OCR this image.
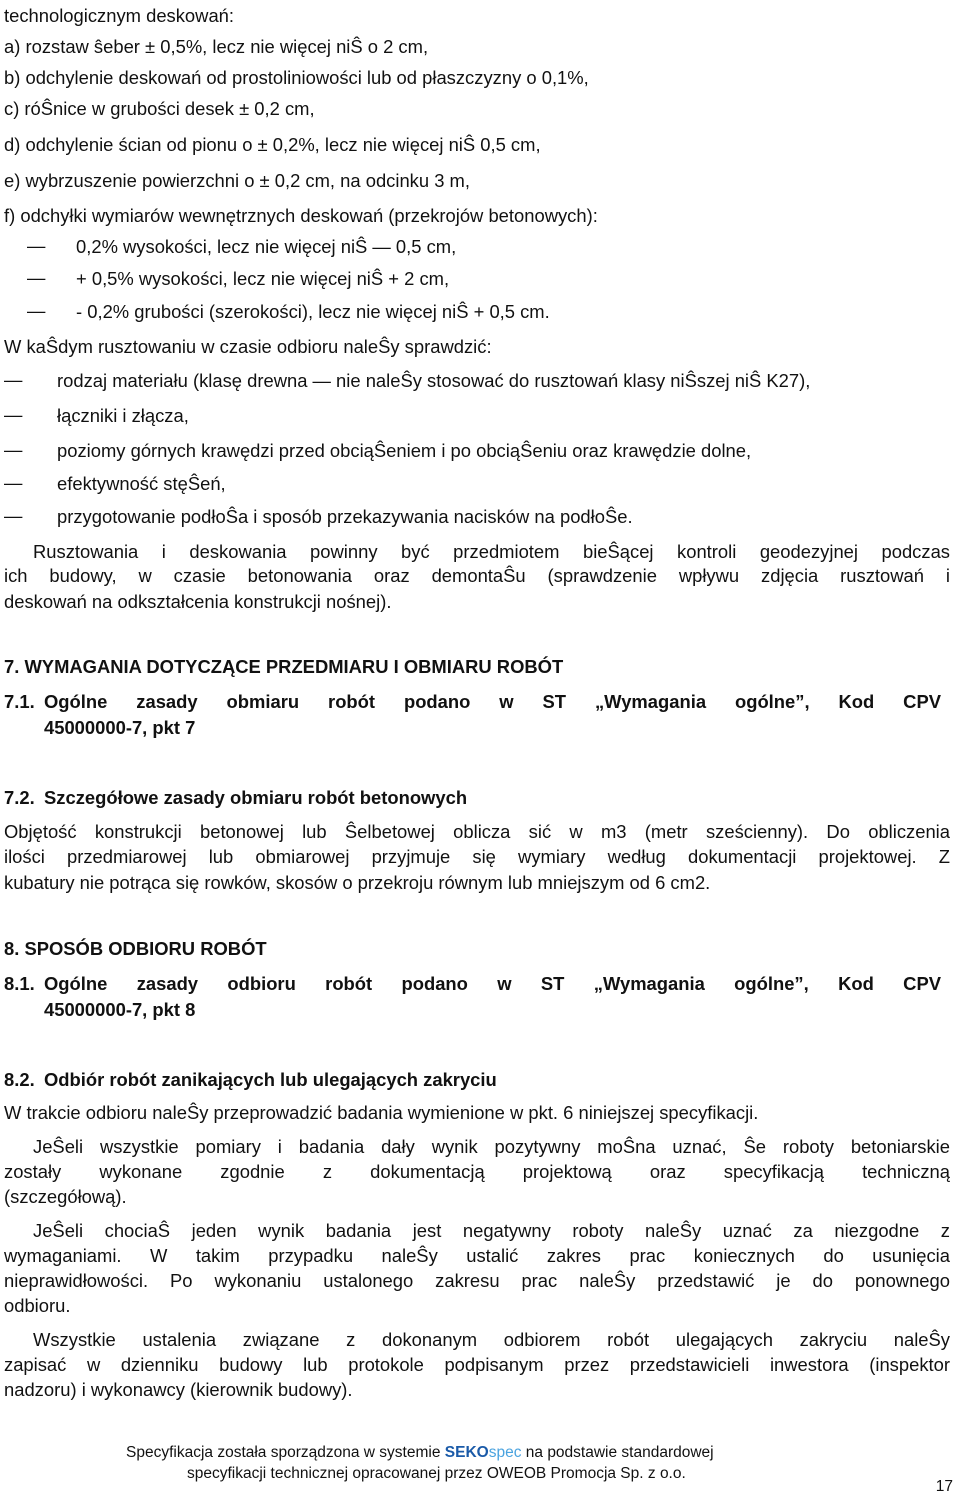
technologicznym deskowań:
a) rozstaw ŝeber ± 0,5%, lecz nie więcej niŜ o 2 cm,
b) odchylenie deskowań od prostoliniowości lub od płaszczyzny o 0,1%,
c) róŜnice w grubości desek ± 0,2 cm,
d) odchylenie ścian od pionu o ± 0,2%, lecz nie więcej niŜ 0,5 cm,
e) wybrzuszenie powierzchni o ± 0,2 cm, na odcinku 3 m,
f) odchyłki wymiarów wewnętrznych deskowań (przekrojów betonowych):
— 0,2% wysokości, lecz nie więcej niŜ — 0,5 cm,
— + 0,5% wysokości, lecz nie więcej niŜ + 2 cm,
— - 0,2% grubości (szerokości), lecz nie więcej niŜ + 0,5 cm.
W kaŜdym rusztowaniu w czasie odbioru naleŜy sprawdzić:
— rodzaj materiału (klasę drewna — nie naleŜy stosować do rusztowań klasy niŜszej niŜ K27),
— łączniki i złącza,
— poziomy górnych krawędzi przed obciąŜeniem i po obciąŜeniu oraz krawędzie dolne,
— efektywność stęŜeń,
— przygotowanie podłoŜa i sposób przekazywania nacisków na podłoŜe.
Rusztowania i deskowania powinny być przedmiotem bieŜącej kontroli geodezyjnej podczas
ich budowy, w czasie betonowania oraz demontaŜu (sprawdzenie wpływu zdjęcia rusztowań i
deskowań na odkształcenia konstrukcji nośnej).
7. WYMAGANIA DOTYCZĄCE PRZEDMIARU I OBMIARU ROBÓT
7.1. Ogólne zasady obmiaru robót podano w ST „Wymagania ogólne”, Kod CPV
45000000-7, pkt 7
7.2. Szczegółowe zasady obmiaru robót betonowych
Objętość konstrukcji betonowej lub Ŝelbetowej oblicza sić w m3 (metr sześcienny). Do obliczenia
ilości przedmiarowej lub obmiarowej przyjmuje się wymiary według dokumentacji projektowej. Z
kubatury nie potrąca się rowków, skosów o przekroju równym lub mniejszym od 6 cm2.
8. SPOSÓB ODBIORU ROBÓT
8.1. Ogólne zasady odbioru robót podano w ST „Wymagania ogólne”, Kod CPV
45000000-7, pkt 8
8.2. Odbiór robót zanikających lub ulegających zakryciu
W trakcie odbioru naleŜy przeprowadzić badania wymienione w pkt. 6 niniejszej specyfikacji.
JeŜeli wszystkie pomiary i badania dały wynik pozytywny moŜna uznać, Ŝe roboty betoniarskie
zostały wykonane zgodnie z dokumentacją projektową oraz specyfikacją techniczną
(szczegółową).
JeŜeli chociaŜ jeden wynik badania jest negatywny roboty naleŜy uznać za niezgodne z
wymaganiami. W takim przypadku naleŜy ustalić zakres prac koniecznych do usunięcia
nieprawidłowości. Po wykonaniu ustalonego zakresu prac naleŜy przedstawić je do ponownego
odbioru.
Wszystkie ustalenia związane z dokonanym odbiorem robót ulegających zakryciu naleŜy
zapisać w dzienniku budowy lub protokole podpisanym przez przedstawicieli inwestora (inspektor
nadzoru) i wykonawcy (kierownik budowy).
Specyfikacja została sporządzona w systemie SEKOspec na podstawie standardowej
specyfikacji technicznej opracowanej przez OWEOB Promocja Sp. z o.o.
17
